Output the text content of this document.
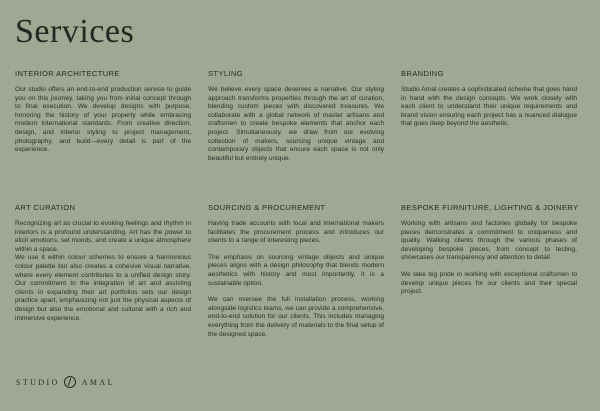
Services
INTERIOR ARCHITECTURE

Our studio offers an end-to-end production service to guide you on this journey, taking you from initial concept through to final execution. We develop designs with purpose, honoring the history of your property while embracing modern international standards. From creative direction, design, and interior styling to project management, photography, and build—every detail is part of the experience.

STYLING

We believe every space deserves a narrative. Our styling approach transforms properties through the art of curation, blending custom pieces with discovered treasures. We collaborate with a global network of master artisans and craftsmen to create bespoke elements that anchor each project. Simultaneously, we draw from our evolving collection of makers, sourcing unique vintage and contemporary objects that ensure each space is not only beautiful but entirely unique.

BRANDING

Studio Amal creates a sophisticated scheme that goes hand in hand with the design concepts. We work closely with each client to understand their unique requirements and brand vision ensuring each project has a nuanced dialogue that goes deep beyond the aesthetic.

ART CURATION

Recognizing art as crucial to evoking feelings and rhythm in interiors is a profound understanding. Art has the power to elicit emotions, set moods, and create a unique atmosphere within a space.

We use it within colour schemes to ensure a harmonious colour palette but also creates a cohesive visual narrative, where every element contributes to a unified design story. Our commitment to the integration of art and assisting clients in expanding their art portfolios sets our design practice apart, emphasizing not just the physical aspects of design but also the emotional and cultural with a rich and immersive experience.

SOURCING & PROCUREMENT

Having trade accounts with local and international makers facilitates the procurement process and introduces our clients to a range of interesting pieces.

The emphasis on sourcing vintage objects and unique pieces aligns with a design philosophy that blends modern aesthetics with history and most importantly, it is a sustainable option.

We can oversee the full installation process, working alongside logistics teams, we can provide a comprehensive, end-to-end solution for our clients. This includes managing everything from the delivery of materials to the final setup of the designed space.

BESPOKE FURNITURE, LIGHTING & JOINERY

Working with artisans and factories globally for bespoke pieces demonstrates a commitment to uniqueness and quality. Walking clients through the various phases of developing bespoke pieces, from concept to testing, showcases our transparency and attention to detail.

We take big pride in working with exceptional craftsmen to develop unique pieces for our clients and their special project.

STUDIO	AMAL
